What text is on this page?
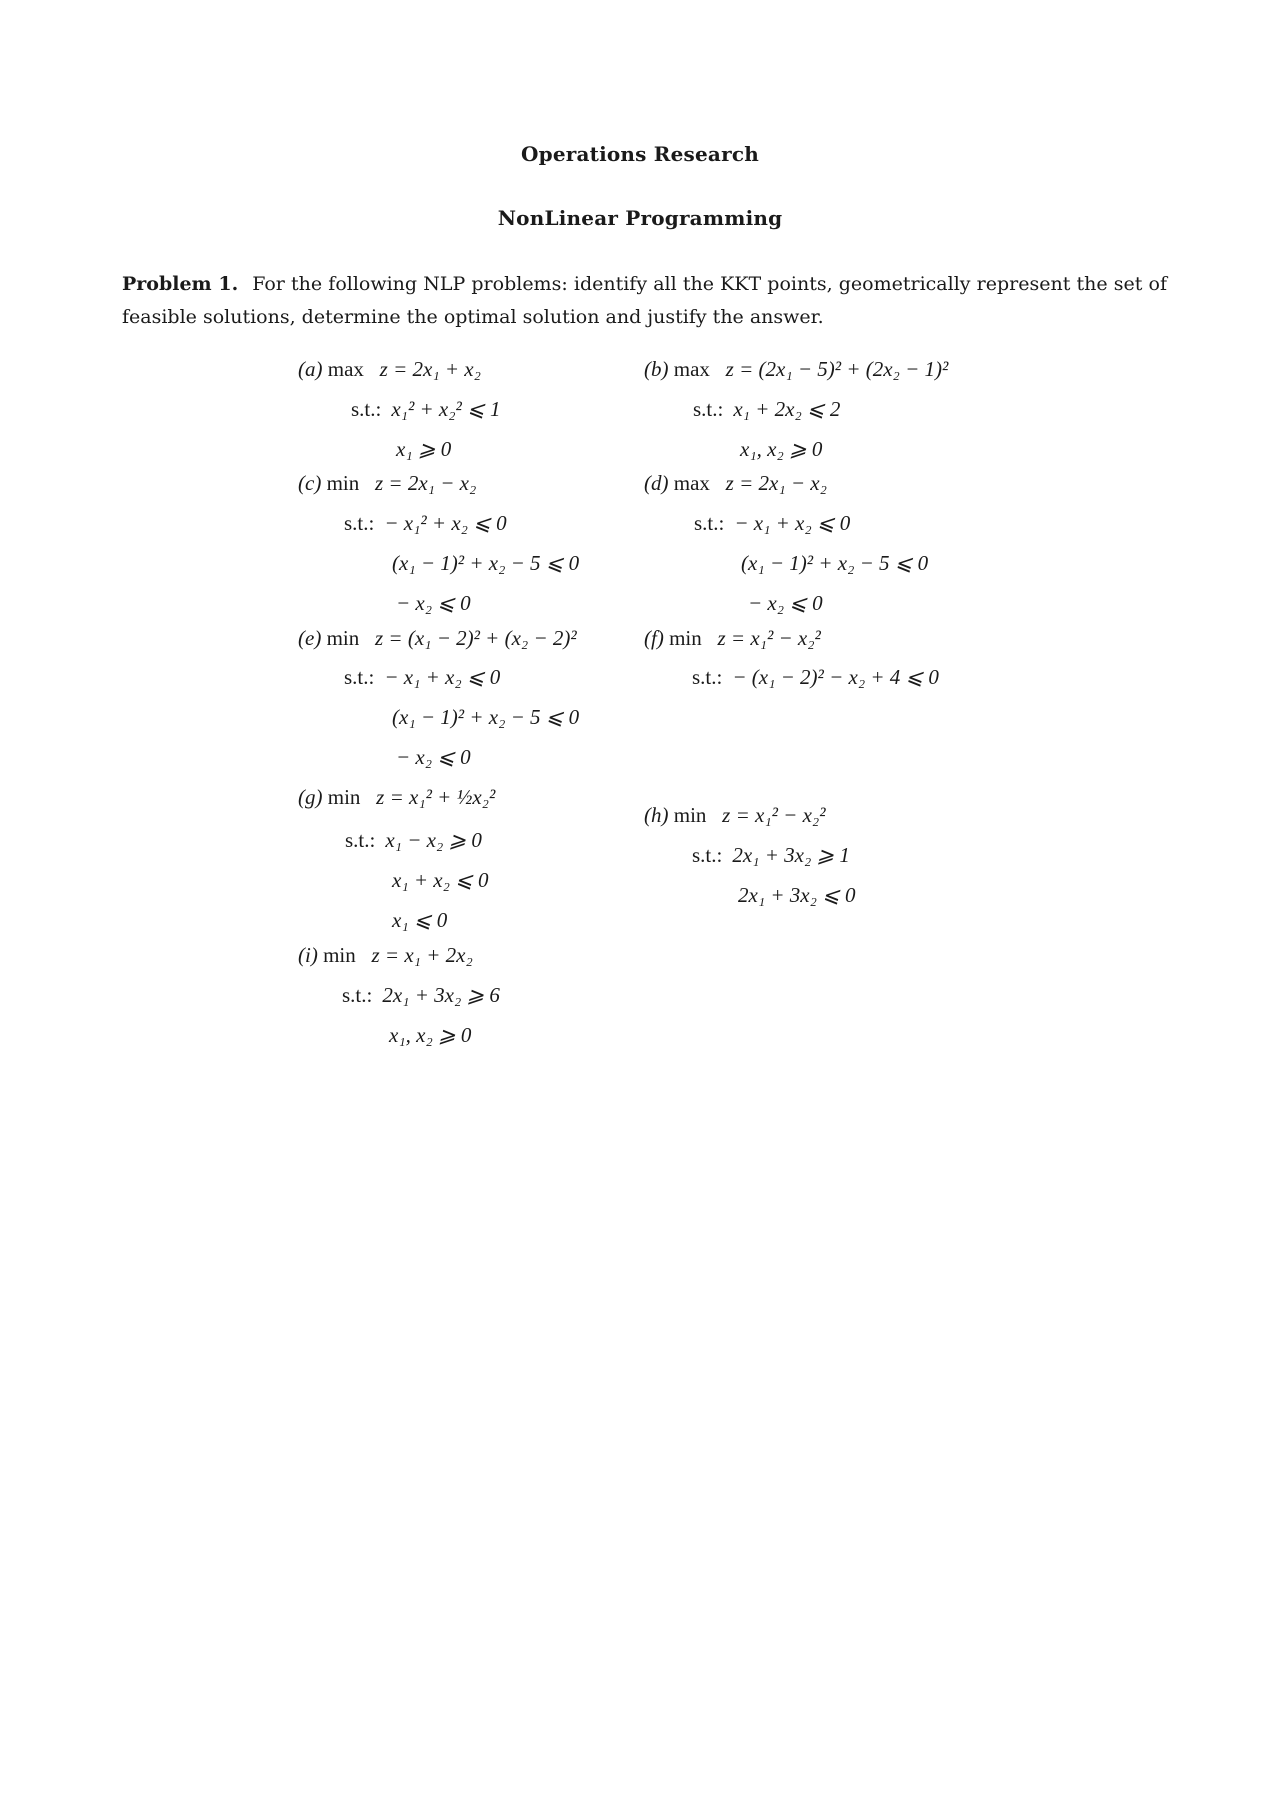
Operations Research
NonLinear Programming
Problem 1. For the following NLP problems: identify all the KKT points, geometrically represent the set of feasible solutions, determine the optimal solution and justify the answer.
(a) max z = 2x₁ + x₂
s.t.: x₁² + x₂² ⩽ 1
x₁ ⩾ 0
(b) max z = (2x₁ − 5)² + (2x₂ − 1)²
s.t.: x₁ + 2x₂ ⩽ 2
x₁, x₂ ⩾ 0
(c) min z = 2x₁ − x₂
s.t.: − x₁² + x₂ ⩽ 0
(x₁ − 1)² + x₂ − 5 ⩽ 0
− x₂ ⩽ 0
(d) max z = 2x₁ − x₂
s.t.: − x₁ + x₂ ⩽ 0
(x₁ − 1)² + x₂ − 5 ⩽ 0
− x₂ ⩽ 0
(e) min z = (x₁ − 2)² + (x₂ − 2)²
s.t.: − x₁ + x₂ ⩽ 0
(x₁ − 1)² + x₂ − 5 ⩽ 0
− x₂ ⩽ 0
(f) min z = x₁² − x₂²
s.t.: − (x₁ − 2)² − x₂ + 4 ⩽ 0
(g) min z = x₁² + ½x₂²
s.t.: x₁ − x₂ ⩾ 0
x₁ + x₂ ⩽ 0
x₁ ⩽ 0
(h) min z = x₁² − x₂²
s.t.: 2x₁ + 3x₂ ⩾ 1
2x₁ + 3x₂ ⩽ 0
(i) min z = x₁ + 2x₂
s.t.: 2x₁ + 3x₂ ⩾ 6
x₁, x₂ ⩾ 0
